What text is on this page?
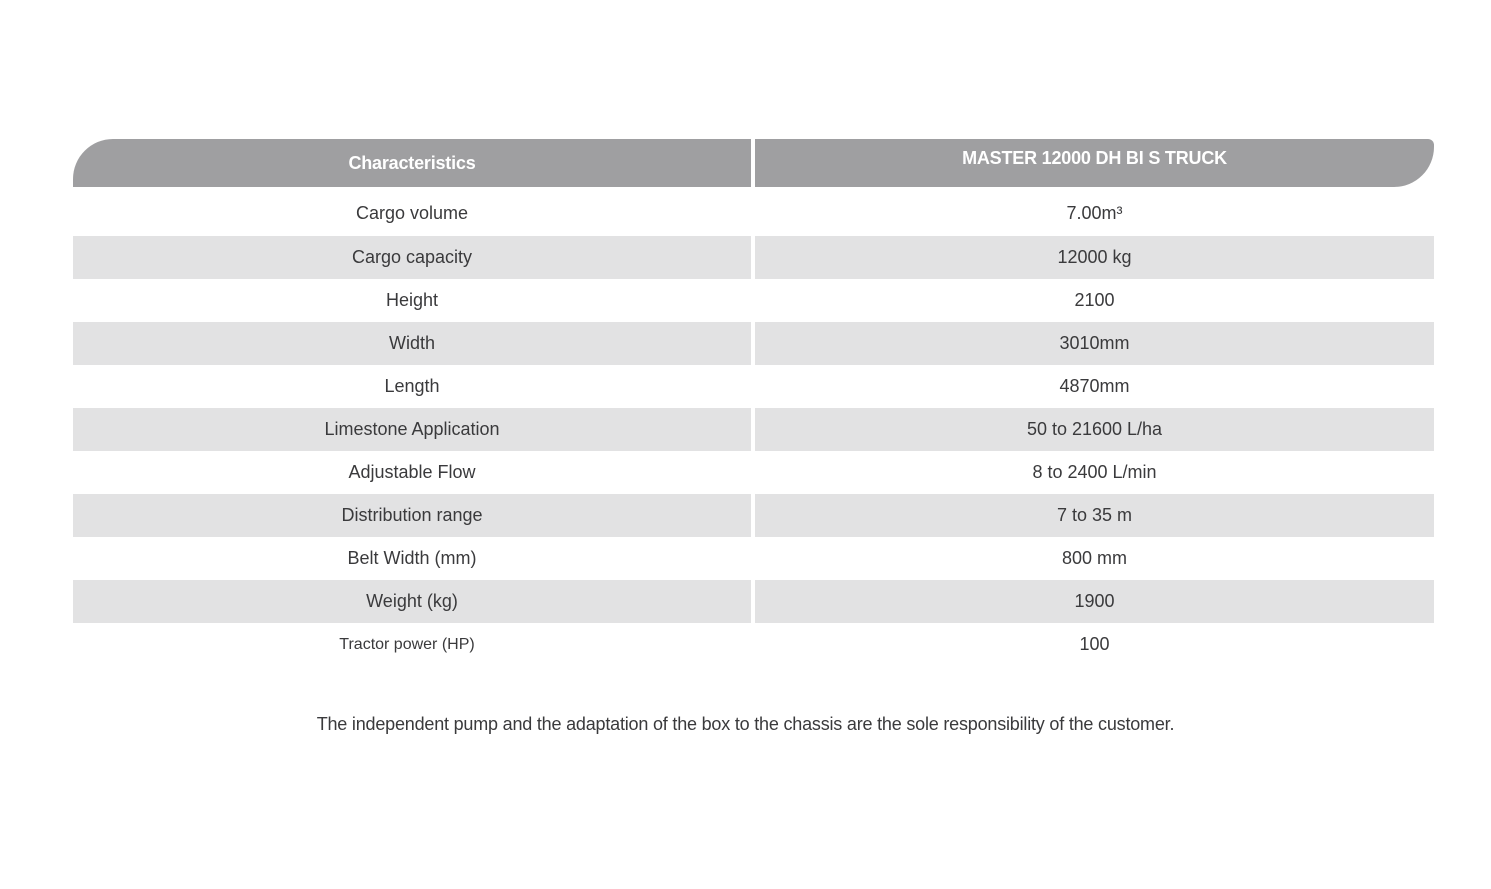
Characteristics	MASTER 12000 DH BI S TRUCK
Cargo volume	7.00m³
Cargo capacity	12000 kg
Height	2100
Width	3010mm
Length	4870mm
Limestone Application	50 to 21600 L/ha
Adjustable Flow	8 to 2400 L/min
Distribution range	7 to 35 m
Belt Width (mm)	800 mm
Weight (kg)	1900
Tractor power (HP)	100
The independent pump and the adaptation of the box to the chassis are the sole responsibility of the customer.
